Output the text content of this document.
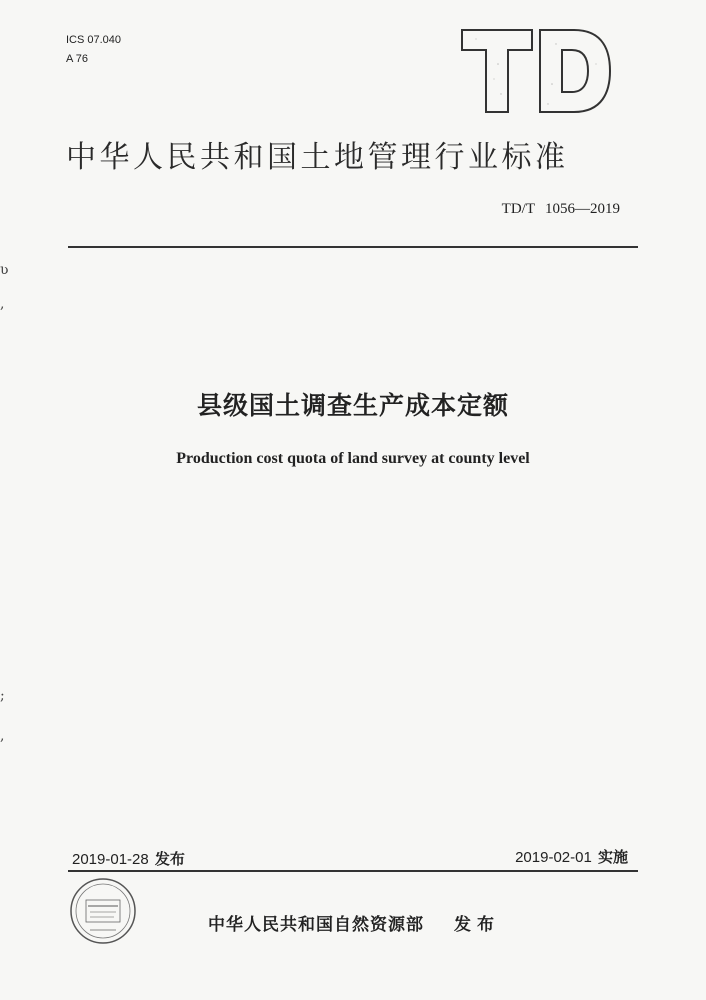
ICS 07.040
A 76
中华人民共和国土地管理行业标准
TD/T 1056—2019
县级国土调查生产成本定额
Production cost quota of land survey at county level
2019-01-28 发布	2019-02-01 实施
中华人民共和国自然资源部 发布
ʋ
,
;
,
